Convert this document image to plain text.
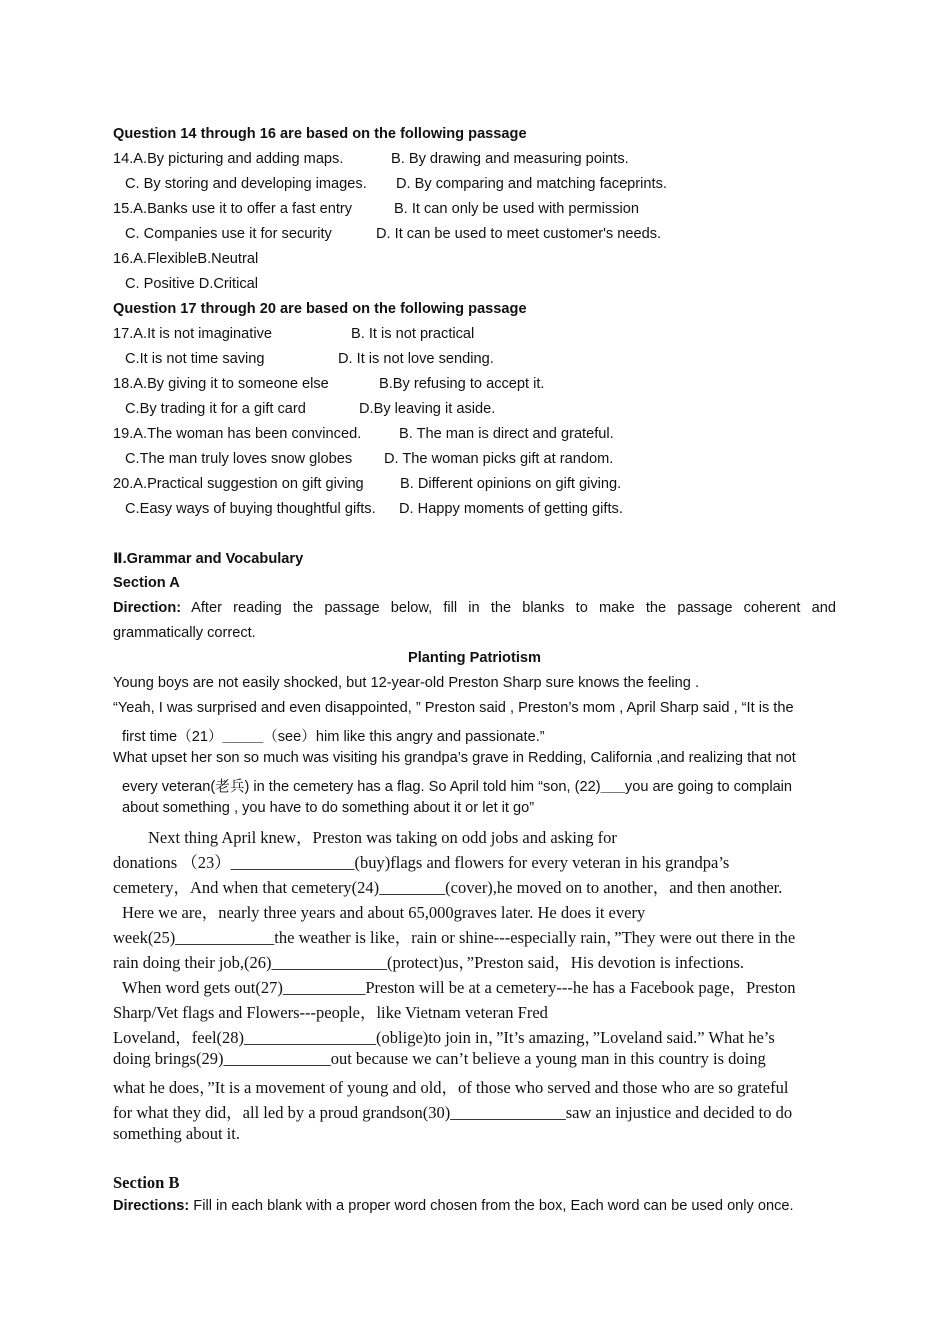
Question 14 through 16 are based on the following passage
14.A.By picturing and adding maps.	B. By drawing and measuring points.
C. By storing and developing images. D. By comparing and matching faceprints.
15.A.Banks use it to offer a fast entry	B. It can only be used with permission
C. Companies use it for security	D. It can be used to meet customer's needs.
16.A.FlexibleB.Neutral
C. Positive D.Critical
Question 17 through 20 are based on the following passage
17.A.It is not imaginative	B. It is not practical
C.It is not time saving	D. It is not love sending.
18.A.By giving it to someone else	B.By refusing to accept it.
C.By trading it for a gift card	D.By leaving it aside.
19.A.The woman has been convinced.	B. The man is direct and grateful.
C.The man truly loves snow globes D. The woman picks gift at random.
20.A.Practical suggestion on gift giving B. Different opinions on gift giving.
C.Easy ways of buying thoughtful gifts. D. Happy moments of getting gifts.
Ⅱ.Grammar and Vocabulary
Section A
Direction: After reading the passage below, fill in the blanks to make the passage coherent and
grammatically correct.
Planting Patriotism
Young boys are not easily shocked, but 12-year-old Preston Sharp sure knows the feeling .
“Yeah, I was surprised and even disappointed, ” Preston said , Preston’s mom , April Sharp said , “It is the
first time（21）_____（see）him like this angry and passionate.”
What upset her son so much was visiting his grandpa’s grave in Redding, California ,and realizing that not
every veteran(老兵) in the cemetery has a flag. So April told him “son, (22)___you are going to complain
about something , you have to do something about it or let it go”
Next thing April knew，Preston was taking on odd jobs and asking for
donations （23）_______________(buy)flags and flowers for every veteran in his grandpa’s
cemetery，And when that cemetery(24)________(cover),he moved on to another，and then another.
Here we are，nearly three years and about 65,000graves later. He does it every
week(25)____________the weather is like，rain or shine---especially rain，”They were out there in the
rain doing their job,(26)______________(protect)us，”Preston said，His devotion is infections.
When word gets out(27)__________Preston will be at a cemetery---he has a Facebook page，Preston
Sharp/Vet flags and Flowers---people，like Vietnam veteran Fred
Loveland，feel(28)________________(oblige)to join in，”It’s amazing，”Loveland said.” What he’s
doing brings(29)_____________out because we can’t believe a young man in this country is doing
what he does，”It is a movement of young and old，of those who served and those who are so grateful
for what they did，all led by a proud grandson(30)______________saw an injustice and decided to do
something about it.
Section B
Directions: Fill in each blank with a proper word chosen from the box, Each word can be used only once.
